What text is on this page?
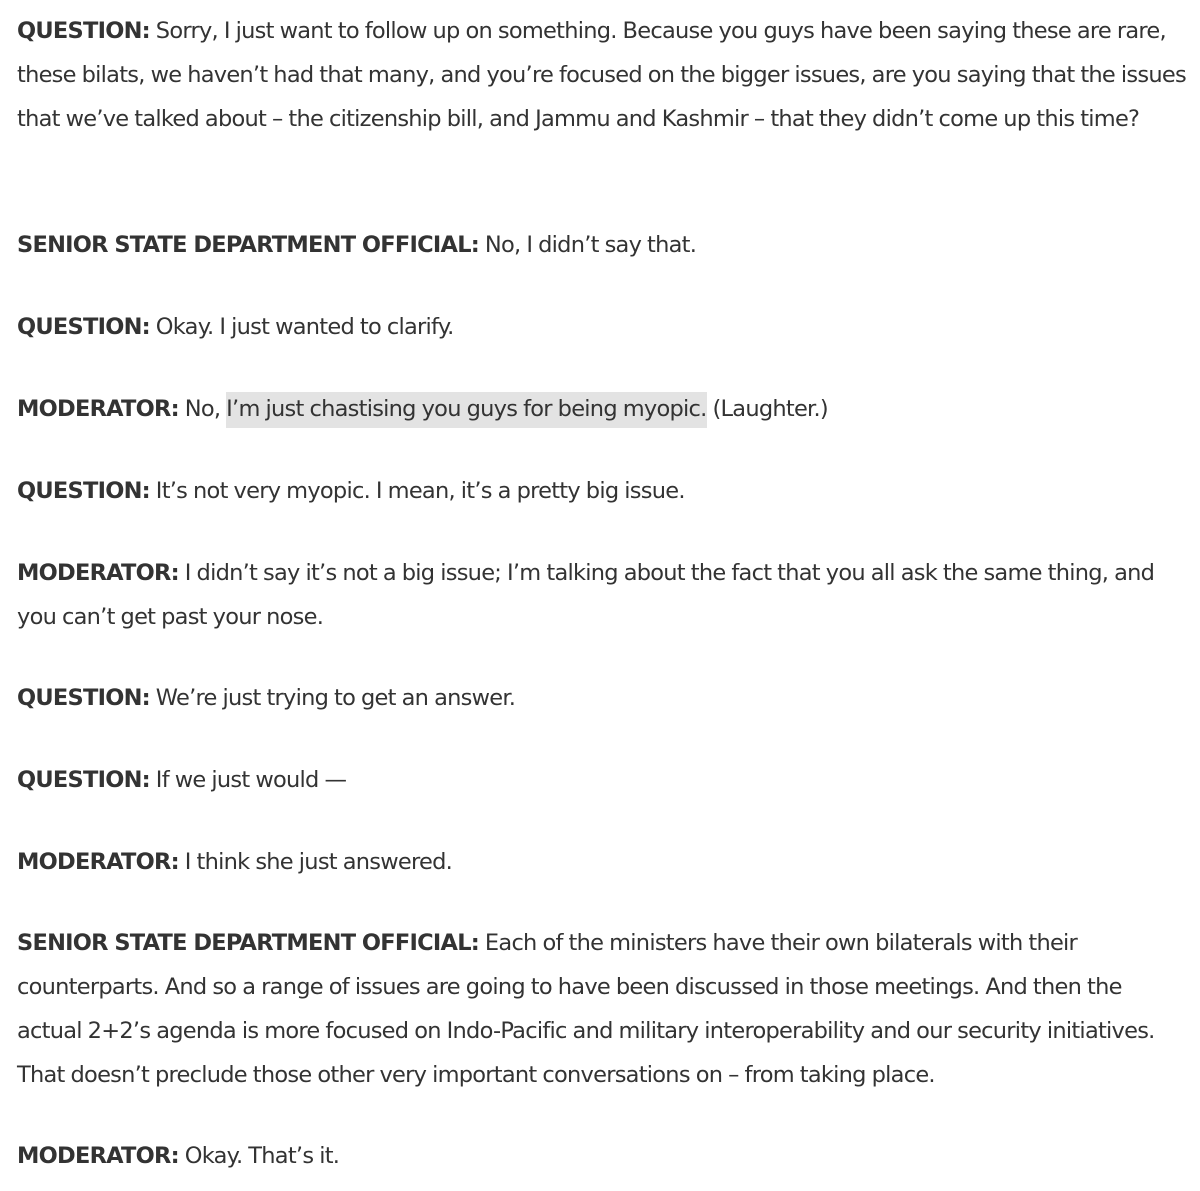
QUESTION: Sorry, I just want to follow up on something. Because you guys have been saying these are rare, these bilats, we haven’t had that many, and you’re focused on the bigger issues, are you saying that the issues that we’ve talked about – the citizenship bill, and Jammu and Kashmir – that they didn’t come up this time?

SENIOR STATE DEPARTMENT OFFICIAL: No, I didn’t say that.

QUESTION: Okay. I just wanted to clarify.

MODERATOR: No, I’m just chastising you guys for being myopic. (Laughter.)

QUESTION: It’s not very myopic. I mean, it’s a pretty big issue.

MODERATOR: I didn’t say it’s not a big issue; I’m talking about the fact that you all ask the same thing, and you can’t get past your nose.

QUESTION: We’re just trying to get an answer.

QUESTION: If we just would —

MODERATOR: I think she just answered.

SENIOR STATE DEPARTMENT OFFICIAL: Each of the ministers have their own bilaterals with their counterparts. And so a range of issues are going to have been discussed in those meetings. And then the actual 2+2’s agenda is more focused on Indo-Pacific and military interoperability and our security initiatives. That doesn’t preclude those other very important conversations on – from taking place.

MODERATOR: Okay. That’s it.
